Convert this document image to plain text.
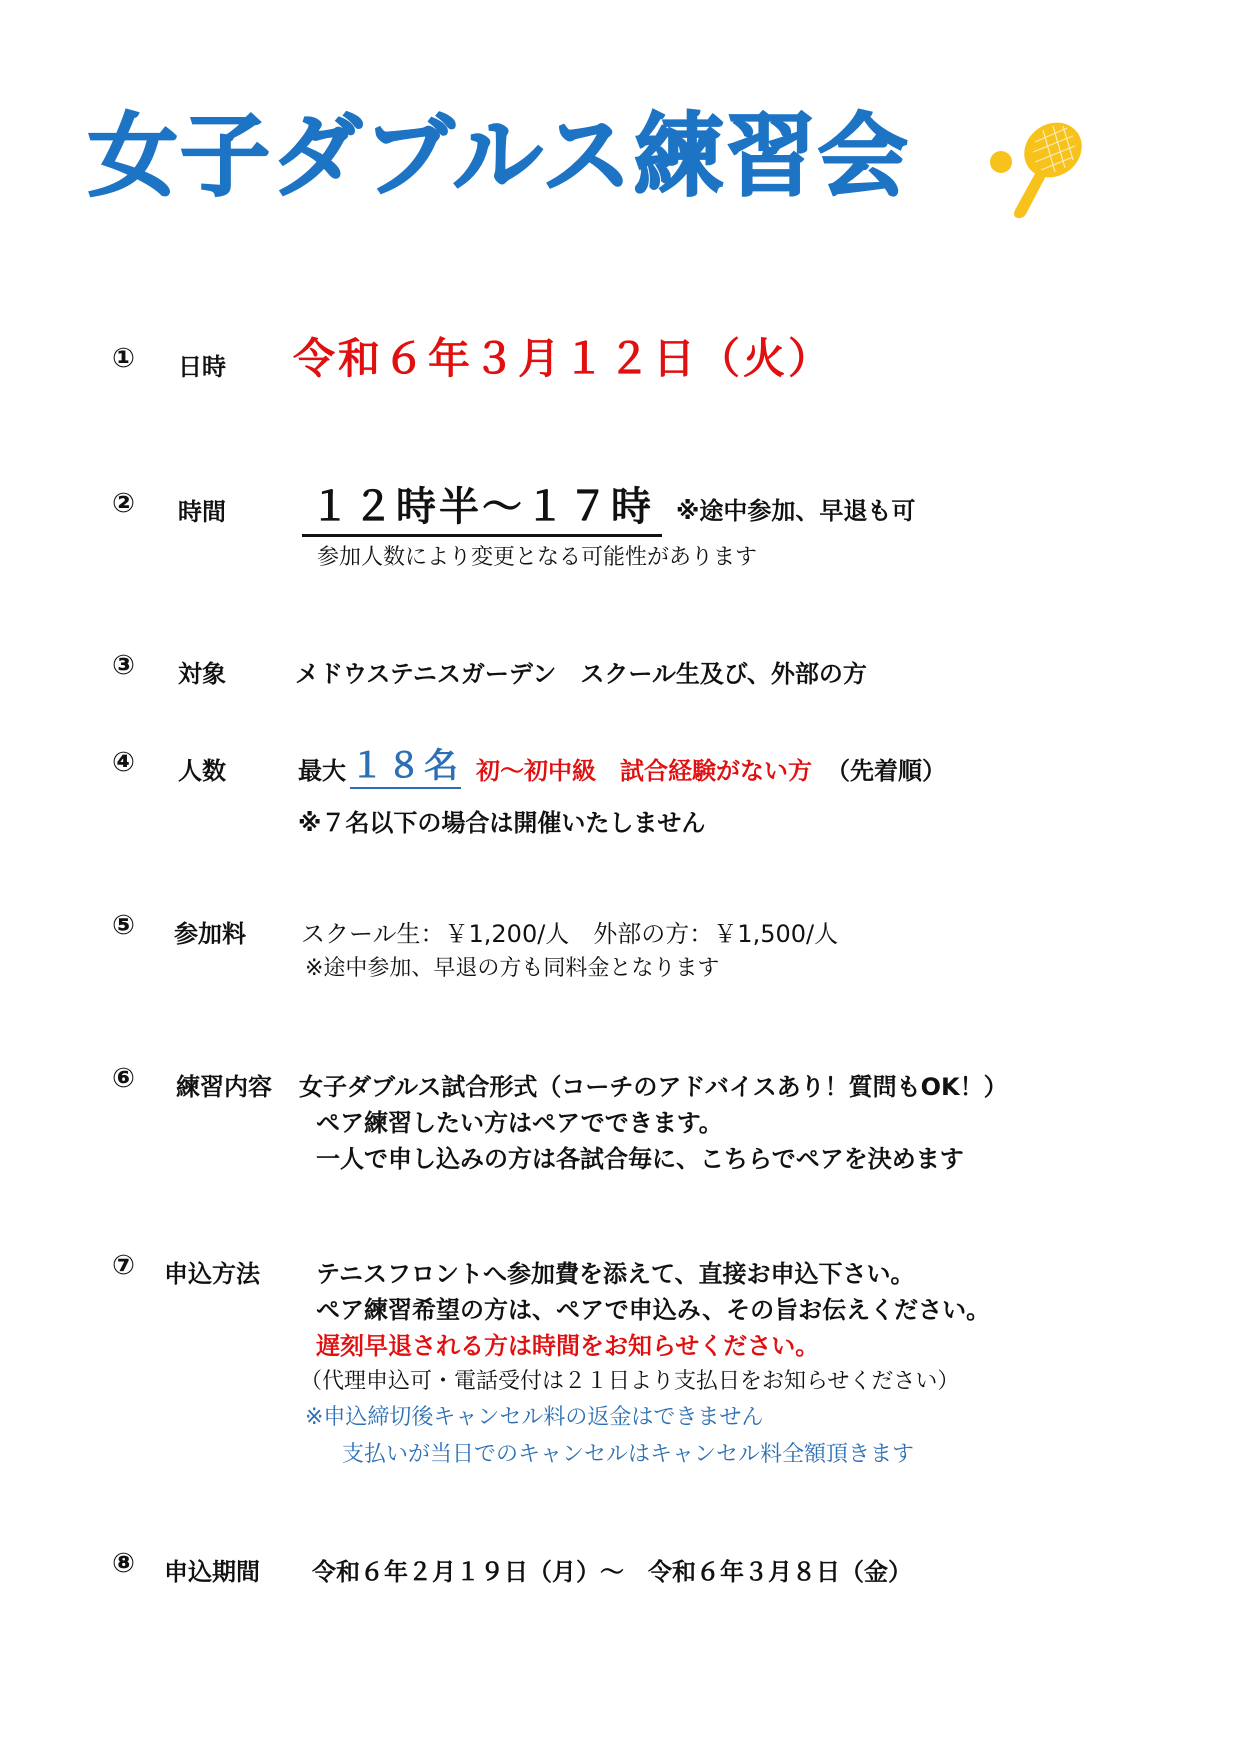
女子ダブルス練習会
① 日時 令和６年３月１２日（火）
② 時間 １２時半～１７時 ※途中参加、早退も可
参加人数により変更となる可能性があります
③ 対象	メドウステニスガーデン　スクール生及び、外部の方
④ 人数	最大 １８名 初～初中級　試合経験がない方 （先着順）
※７名以下の場合は開催いたしません
⑤ 参加料 スクール生：￥1,200/人　外部の方：￥1,500/人
※途中参加、早退の方も同料金となります
⑥ 練習内容 女子ダブルス試合形式（コーチのアドバイスあり！質問もOK！）
ペア練習したい方はペアでできます。
一人で申し込みの方は各試合毎に、こちらでペアを決めます
⑦ 申込方法 テニスフロントへ参加費を添えて、直接お申込下さい。
ペア練習希望の方は、ペアで申込み、その旨お伝えください。
遅刻早退される方は時間をお知らせください。
（代理申込可・電話受付は２１日より支払日をお知らせください）
※申込締切後キャンセル料の返金はできません
支払いが当日でのキャンセルはキャンセル料全額頂きます
⑧ 申込期間 令和６年２月１９日（月）～　令和６年３月８日（金）
